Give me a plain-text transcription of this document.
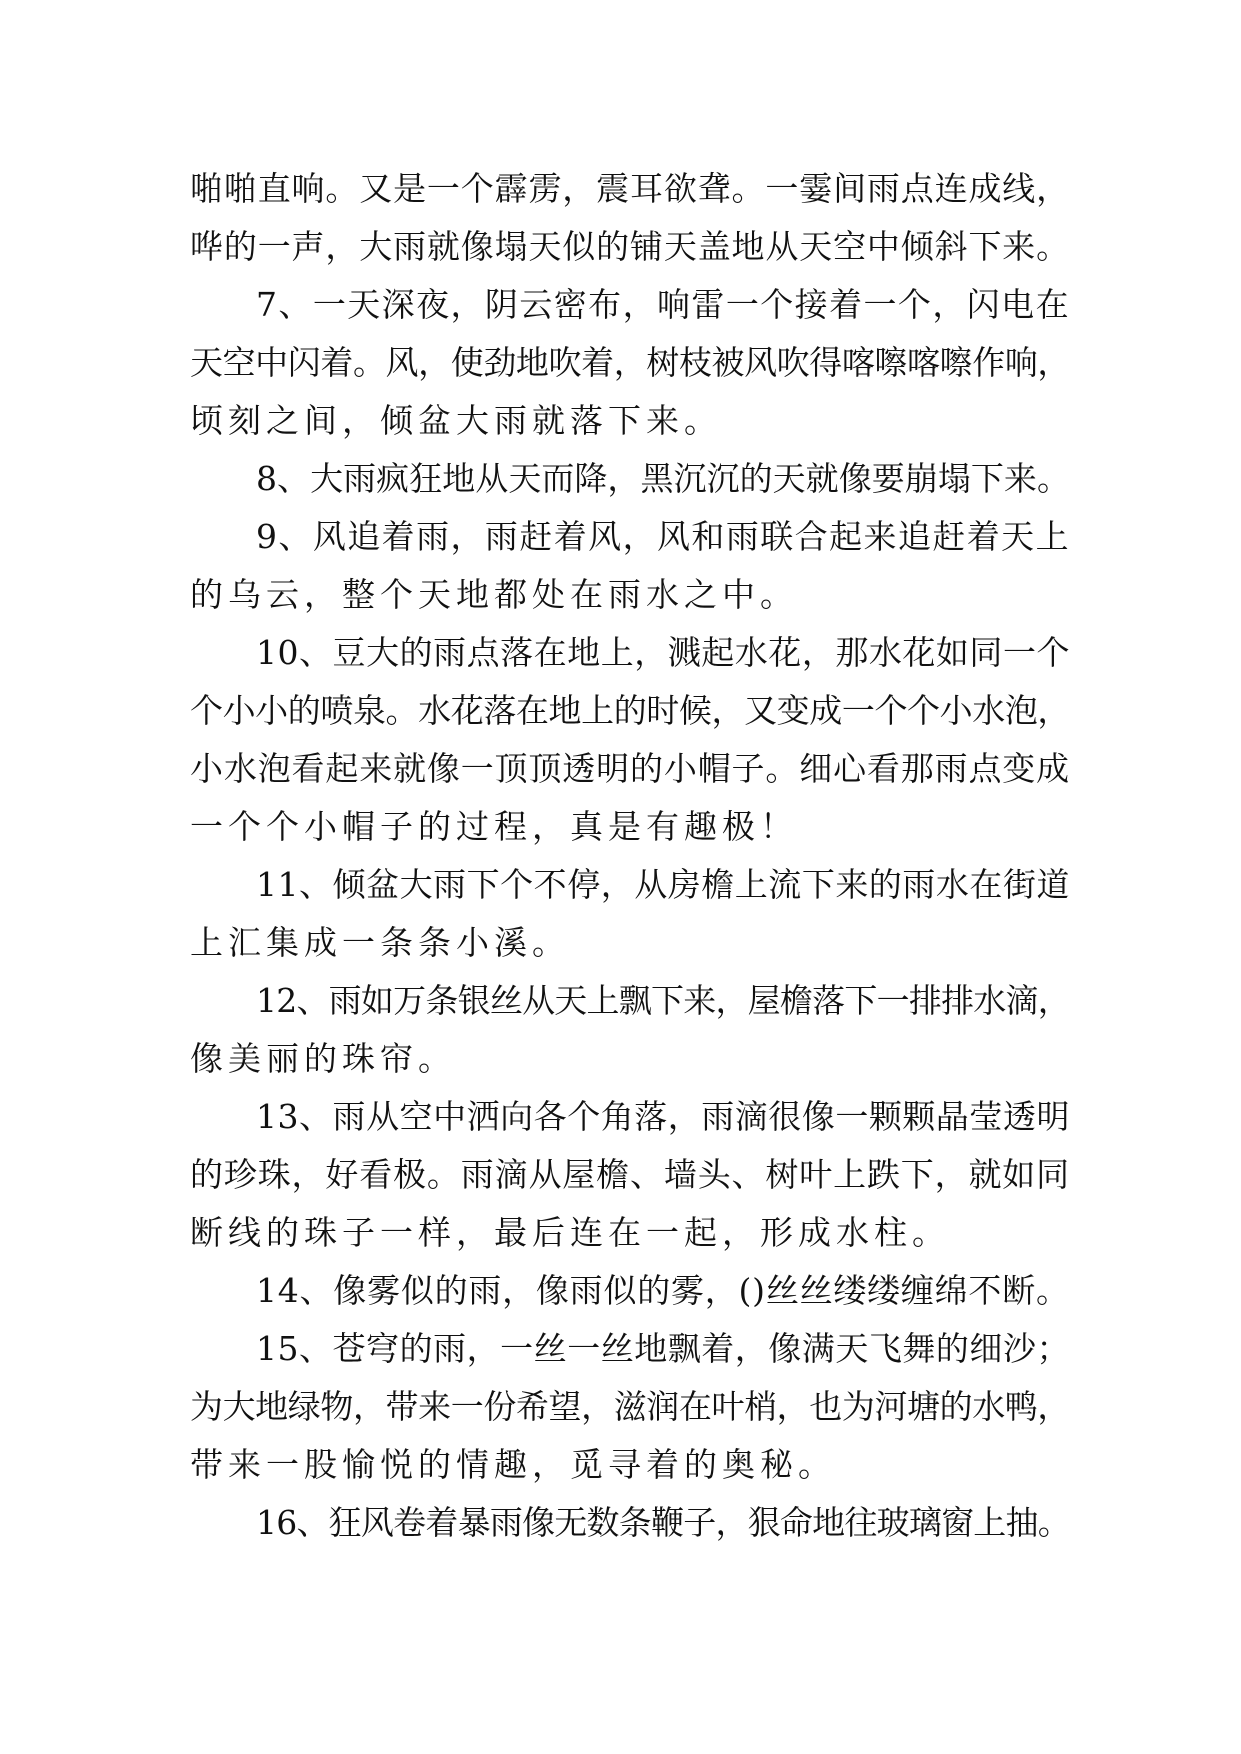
啪啪直响。又是一个霹雳，震耳欲聋。一霎间雨点连成线，
哗的一声，大雨就像塌天似的铺天盖地从天空中倾斜下来。
7、一天深夜，阴云密布，响雷一个接着一个，闪电在
天空中闪着。风，使劲地吹着，树枝被风吹得喀嚓喀嚓作响，
顷刻之间，倾盆大雨就落下来。
8、大雨疯狂地从天而降，黑沉沉的天就像要崩塌下来。
9、风追着雨，雨赶着风，风和雨联合起来追赶着天上
的乌云，整个天地都处在雨水之中。
10、豆大的雨点落在地上，溅起水花，那水花如同一个
个小小的喷泉。水花落在地上的时候，又变成一个个小水泡，
小水泡看起来就像一顶顶透明的小帽子。细心看那雨点变成
一个个小帽子的过程，真是有趣极！
11、倾盆大雨下个不停，从房檐上流下来的雨水在街道
上汇集成一条条小溪。
12、雨如万条银丝从天上飘下来，屋檐落下一排排水滴，
像美丽的珠帘。
13、雨从空中洒向各个角落，雨滴很像一颗颗晶莹透明
的珍珠，好看极。雨滴从屋檐、墙头、树叶上跌下，就如同
断线的珠子一样，最后连在一起，形成水柱。
14、像雾似的雨，像雨似的雾，()丝丝缕缕缠绵不断。
15、苍穹的雨，一丝一丝地飘着，像满天飞舞的细沙；
为大地绿物，带来一份希望，滋润在叶梢，也为河塘的水鸭，
带来一股愉悦的情趣，觅寻着的奥秘。
16、狂风卷着暴雨像无数条鞭子，狠命地往玻璃窗上抽。
